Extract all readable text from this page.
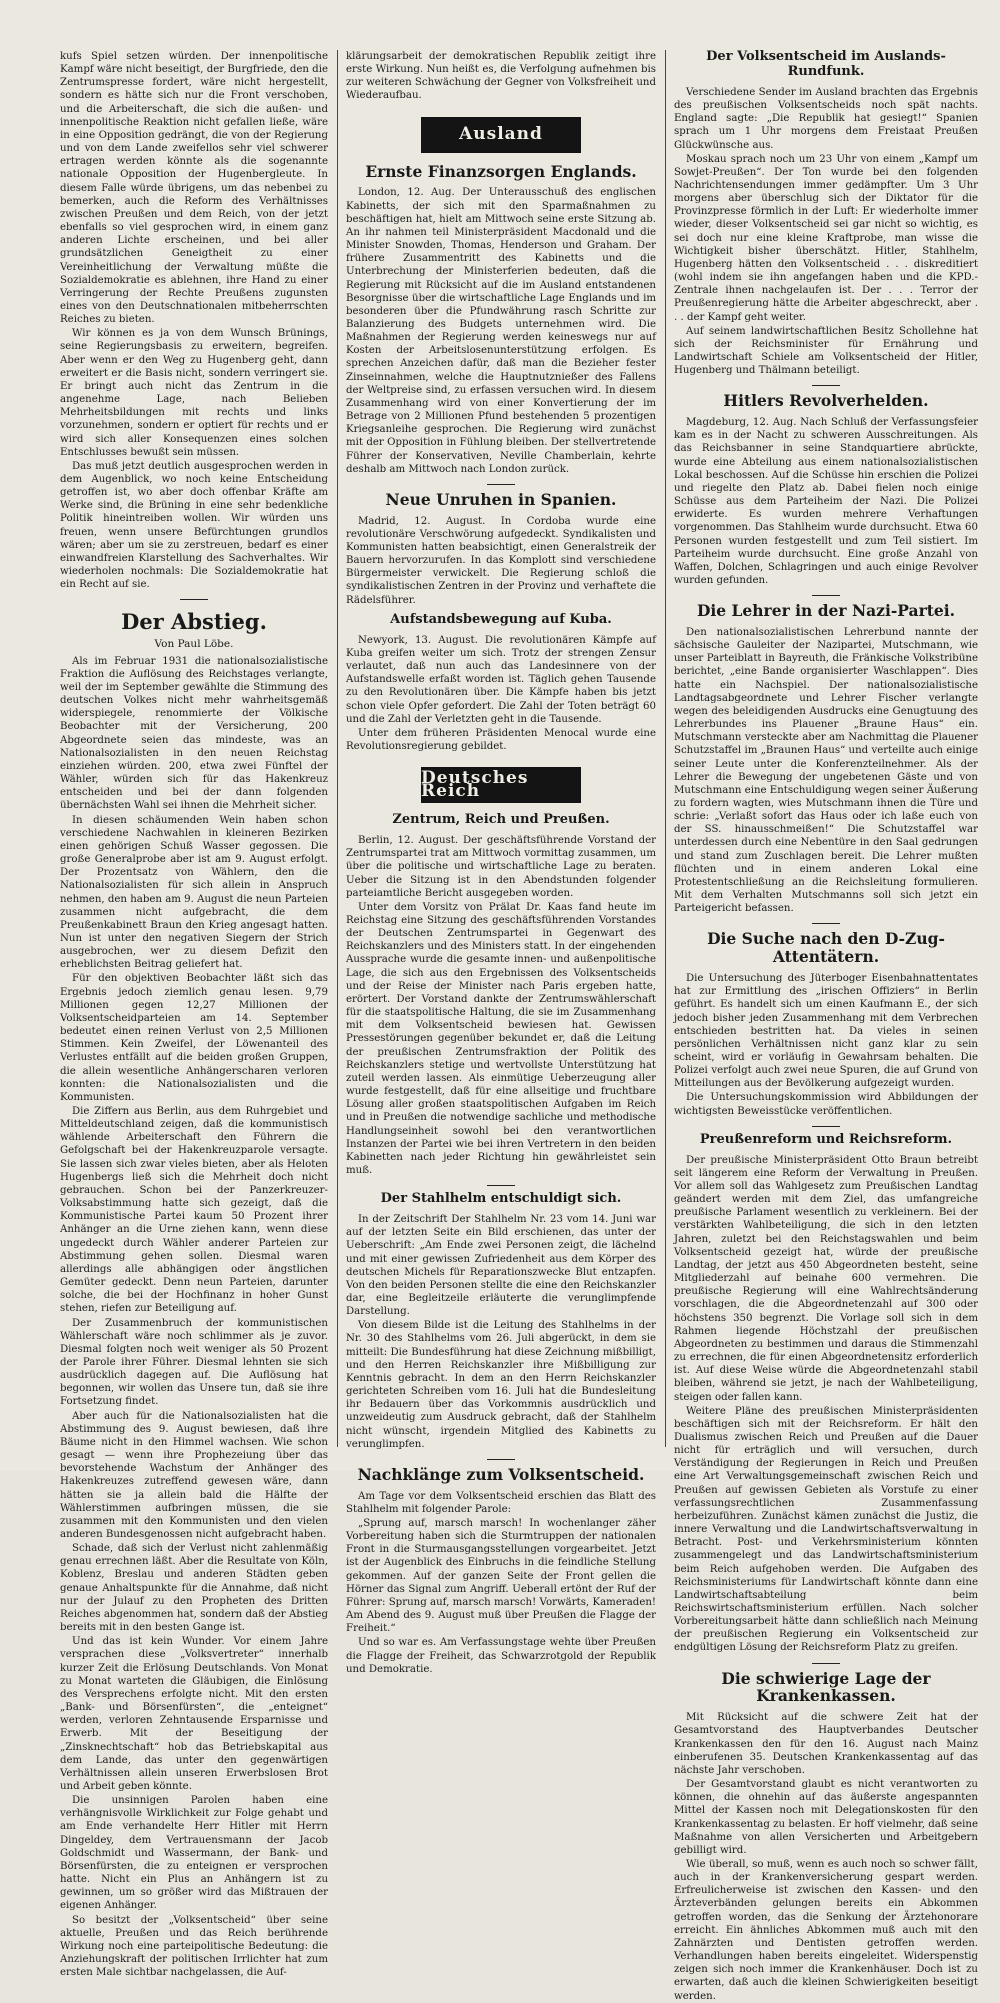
kufs Spiel setzen würden. Der innenpolitische Kampf wäre nicht beseitigt, der Burgfriede, den die Zentrumspresse fordert, wäre nicht hergestellt, sondern es hätte sich nur die Front verschoben, und die Arbeiterschaft, die sich die außen- und innenpolitische Reaktion nicht gefallen ließe, wäre in eine Opposition gedrängt, die von der Regierung und von dem Lande zweifellos sehr viel schwerer ertragen werden könnte als die sogenannte nationale Opposition der Hugenbergleute. In diesem Falle würde übrigens, um das nebenbei zu bemerken, auch die Reform des Verhältnisses zwischen Preußen und dem Reich, von der jetzt ebenfalls so viel gesprochen wird, in einem ganz anderen Lichte erscheinen, und bei aller grundsätzlichen Geneigtheit zu einer Vereinheitlichung der Verwaltung müßte die Sozialdemokratie es ablehnen, ihre Hand zu einer Verringerung der Rechte Preußens zugunsten eines von den Deutschnationalen mitbeherrschten Reiches zu bieten.

Wir können es ja von dem Wunsch Brünings, seine Regierungsbasis zu erweitern, begreifen. Aber wenn er den Weg zu Hugenberg geht, dann erweitert er die Basis nicht, sondern verringert sie. Er bringt auch nicht das Zentrum in die angenehme Lage, nach Belieben Mehrheitsbildungen mit rechts und links vorzunehmen, sondern er optiert für rechts und er wird sich aller Konsequenzen eines solchen Entschlusses bewußt sein müssen.

Das muß jetzt deutlich ausgesprochen werden in dem Augenblick, wo noch keine Entscheidung getroffen ist, wo aber doch offenbar Kräfte am Werke sind, die Brüning in eine sehr bedenkliche Politik hineintreiben wollen. Wir würden uns freuen, wenn unsere Befürchtungen grundlos wären; aber um sie zu zerstreuen, bedarf es einer einwandfreien Klarstellung des Sachverhaltes. Wir wiederholen nochmals: Die Sozialdemokratie hat ein Recht auf sie.

Der Abstieg.
Von Paul Löbe.

Als im Februar 1931 die nationalsozialistische Fraktion die Auflösung des Reichstages verlangte, weil der im September gewählte die Stimmung des deutschen Volkes nicht mehr wahrheitsgemäß widerspiegele, renommierte der Völkische Beobachter mit der Versicherung, 200 Abgeordnete seien das mindeste, was an Nationalsozialisten in den neuen Reichstag einziehen würden. 200, etwa zwei Fünftel der Wähler, würden sich für das Hakenkreuz entscheiden und bei der dann folgenden übernächsten Wahl sei ihnen die Mehrheit sicher.

In diesen schäumenden Wein haben schon verschiedene Nachwahlen in kleineren Bezirken einen gehörigen Schuß Wasser gegossen. Die große Generalprobe aber ist am 9. August erfolgt. Der Prozentsatz von Wählern, den die Nationalsozialisten für sich allein in Anspruch nehmen, den haben am 9. August die neun Parteien zusammen nicht aufgebracht, die dem Preußenkabinett Braun den Krieg angesagt hatten. Nun ist unter den negativen Siegern der Strich ausgebrochen, wer zu diesem Defizit den erheblichsten Beitrag geliefert hat.

Für den objektiven Beobachter läßt sich das Ergebnis jedoch ziemlich genau lesen. 9,79 Millionen gegen 12,27 Millionen der Volksentscheidparteien am 14. September bedeutet einen reinen Verlust von 2,5 Millionen Stimmen. Kein Zweifel, der Löwenanteil des Verlustes entfällt auf die beiden großen Gruppen, die allein wesentliche Anhängerscharen verloren konnten: die Nationalsozialisten und die Kommunisten.

Die Ziffern aus Berlin, aus dem Ruhrgebiet und Mitteldeutschland zeigen, daß die kommunistisch wählende Arbeiterschaft den Führern die Gefolgschaft bei der Hakenkreuzparole versagte. Sie lassen sich zwar vieles bieten, aber als Heloten Hugenbergs ließ sich die Mehrheit doch nicht gebrauchen. Schon bei der Panzerkreuzer-Volksabstimmung hatte sich gezeigt, daß die Kommunistische Partei kaum 50 Prozent ihrer Anhänger an die Urne ziehen kann, wenn diese ungedeckt durch Wähler anderer Parteien zur Abstimmung gehen sollen. Diesmal waren allerdings alle abhängigen oder ängstlichen Gemüter gedeckt. Denn neun Parteien, darunter solche, die bei der Hochfinanz in hoher Gunst stehen, riefen zur Beteiligung auf.

Der Zusammenbruch der kommunistischen Wählerschaft wäre noch schlimmer als je zuvor. Diesmal folgten noch weit weniger als 50 Prozent der Parole ihrer Führer. Diesmal lehnten sie sich ausdrücklich dagegen auf. Die Auflösung hat begonnen, wir wollen das Unsere tun, daß sie ihre Fortsetzung findet.

Aber auch für die Nationalsozialisten hat die Abstimmung des 9. August bewiesen, daß ihre Bäume nicht in den Himmel wachsen. Wie schon gesagt — wenn ihre Prophezeiung über das bevorstehende Wachstum der Anhänger des Hakenkreuzes zutreffend gewesen wäre, dann hätten sie ja allein bald die Hälfte der Wählerstimmen aufbringen müssen, die sie zusammen mit den Kommunisten und den vielen anderen Bundesgenossen nicht aufgebracht haben.

Schade, daß sich der Verlust nicht zahlenmäßig genau errechnen läßt. Aber die Resultate von Köln, Koblenz, Breslau und anderen Städten geben genaue Anhaltspunkte für die Annahme, daß nicht nur der Julauf zu den Propheten des Dritten Reiches abgenommen hat, sondern daß der Abstieg bereits mit in den besten Gange ist.

Und das ist kein Wunder. Vor einem Jahre versprachen diese „Volksvertreter“ innerhalb kurzer Zeit die Erlösung Deutschlands. Von Monat zu Monat warteten die Gläubigen, die Einlösung des Versprechens erfolgte nicht. Mit den ersten „Bank- und Börsenfürsten“, die „enteignet“ werden, verloren Zehntausende Ersparnisse und Erwerb. Mit der Beseitigung der „Zinsknechtschaft“ hob das Betriebskapital aus dem Lande, das unter den gegenwärtigen Verhältnissen allein unseren Erwerbslosen Brot und Arbeit geben könnte.

Die unsinnigen Parolen haben eine verhängnisvolle Wirklichkeit zur Folge gehabt und am Ende verhandelte Herr Hitler mit Herrn Dingeldey, dem Vertrauensmann der Jacob Goldschmidt und Wassermann, der Bank- und Börsenfürsten, die zu enteignen er versprochen hatte. Nicht ein Plus an Anhängern ist zu gewinnen, um so größer wird das Mißtrauen der eigenen Anhänger.

So besitzt der „Volksentscheid“ über seine aktuelle, Preußen und das Reich berührende Wirkung noch eine parteipolitische Bedeutung: die Anziehungskraft der politischen Irrlichter hat zum ersten Male sichtbar nachgelassen, die Auf-

klärungsarbeit der demokratischen Republik zeitigt ihre erste Wirkung. Nun heißt es, die Verfolgung aufnehmen bis zur weiteren Schwächung der Gegner von Volksfreiheit und Wiederaufbau.

Ausland
Ernste Finanzsorgen Englands.

London, 12. Aug. Der Unterausschuß des englischen Kabinetts, der sich mit den Sparmaßnahmen zu beschäftigen hat, hielt am Mittwoch seine erste Sitzung ab. An ihr nahmen teil Ministerpräsident Macdonald und die Minister Snowden, Thomas, Henderson und Graham. Der frühere Zusammentritt des Kabinetts und die Unterbrechung der Ministerferien bedeuten, daß die Regierung mit Rücksicht auf die im Ausland entstandenen Besorgnisse über die wirtschaftliche Lage Englands und im besonderen über die Pfundwährung rasch Schritte zur Balanzierung des Budgets unternehmen wird. Die Maßnahmen der Regierung werden keineswegs nur auf Kosten der Arbeitslosenunterstützung erfolgen. Es sprechen Anzeichen dafür, daß man die Bezieher fester Zinseinnahmen, welche die Hauptnutznießer des Fallens der Weltpreise sind, zu erfassen versuchen wird. In diesem Zusammenhang wird von einer Konvertierung der im Betrage von 2 Millionen Pfund bestehenden 5 prozentigen Kriegsanleihe gesprochen. Die Regierung wird zunächst mit der Opposition in Fühlung bleiben. Der stellvertretende Führer der Konservativen, Neville Chamberlain, kehrte deshalb am Mittwoch nach London zurück.

Neue Unruhen in Spanien.

Madrid, 12. August. In Cordoba wurde eine revolutionäre Verschwörung aufgedeckt. Syndikalisten und Kommunisten hatten beabsichtigt, einen Generalstreik der Bauern hervorzurufen. In das Komplott sind verschiedene Bürgermeister verwickelt. Die Regierung schloß die syndikalistischen Zentren in der Provinz und verhaftete die Rädelsführer.

Aufstandsbewegung auf Kuba.

Newyork, 13. August. Die revolutionären Kämpfe auf Kuba greifen weiter um sich. Trotz der strengen Zensur verlautet, daß nun auch das Landesinnere von der Aufstandswelle erfaßt worden ist. Täglich gehen Tausende zu den Revolutionären über. Die Kämpfe haben bis jetzt schon viele Opfer gefordert. Die Zahl der Toten beträgt 60 und die Zahl der Verletzten geht in die Tausende.

Unter dem früheren Präsidenten Menocal wurde eine Revolutionsregierung gebildet.

Deutsches Reich
Zentrum, Reich und Preußen.

Berlin, 12. August. Der geschäftsführende Vorstand der Zentrumspartei trat am Mittwoch vormittag zusammen, um über die politische und wirtschaftliche Lage zu beraten. Ueber die Sitzung ist in den Abendstunden folgender parteiamtliche Bericht ausgegeben worden.

Unter dem Vorsitz von Prälat Dr. Kaas fand heute im Reichstag eine Sitzung des geschäftsführenden Vorstandes der Deutschen Zentrumspartei in Gegenwart des Reichskanzlers und des Ministers statt. In der eingehenden Aussprache wurde die gesamte innen- und außenpolitische Lage, die sich aus den Ergebnissen des Volksentscheids und der Reise der Minister nach Paris ergeben hatte, erörtert. Der Vorstand dankte der Zentrumswählerschaft für die staatspolitische Haltung, die sie im Zusammenhang mit dem Volksentscheid bewiesen hat. Gewissen Pressestörungen gegenüber bekundet er, daß die Leitung der preußischen Zentrumsfraktion der Politik des Reichskanzlers stetige und wertvollste Unterstützung hat zuteil werden lassen. Als einmütige Ueberzeugung aller wurde festgestellt, daß für eine allseitige und fruchtbare Lösung aller großen staatspolitischen Aufgaben im Reich und in Preußen die notwendige sachliche und methodische Handlungseinheit sowohl bei den verantwortlichen Instanzen der Partei wie bei ihren Vertretern in den beiden Kabinetten nach jeder Richtung hin gewährleistet sein muß.

Der Stahlhelm entschuldigt sich.

In der Zeitschrift Der Stahlhelm Nr. 23 vom 14. Juni war auf der letzten Seite ein Bild erschienen, das unter der Ueberschrift: „Am Ende zwei Personen zeigt, die lächelnd und mit einer gewissen Zufriedenheit aus dem Körper des deutschen Michels für Reparationszwecke Blut entzapfen. Von den beiden Personen stellte die eine den Reichskanzler dar, eine Begleitzeile erläuterte die verunglimpfende Darstellung.

Von diesem Bilde ist die Leitung des Stahlhelms in der Nr. 30 des Stahlhelms vom 26. Juli abgerückt, in dem sie mitteilt: Die Bundesführung hat diese Zeichnung mißbilligt, und den Herren Reichskanzler ihre Mißbilligung zur Kenntnis gebracht. In dem an den Herrn Reichskanzler gerichteten Schreiben vom 16. Juli hat die Bundesleitung ihr Bedauern über das Vorkommnis ausdrücklich und unzweideutig zum Ausdruck gebracht, daß der Stahlhelm nicht wünscht, irgendein Mitglied des Kabinetts zu verunglimpfen.

Nachklänge zum Volksentscheid.

Am Tage vor dem Volksentscheid erschien das Blatt des Stahlhelm mit folgender Parole:

„Sprung auf, marsch marsch! In wochenlanger zäher Vorbereitung haben sich die Sturmtruppen der nationalen Front in die Sturmausgangsstellungen vorgearbeitet. Jetzt ist der Augenblick des Einbruchs in die feindliche Stellung gekommen. Auf der ganzen Seite der Front gellen die Hörner das Signal zum Angriff. Ueberall ertönt der Ruf der Führer: Sprung auf, marsch marsch! Vorwärts, Kameraden! Am Abend des 9. August muß über Preußen die Flagge der Freiheit.“

Und so war es. Am Verfassungstage wehte über Preußen die Flagge der Freiheit, das Schwarzrotgold der Republik und Demokratie.

Der Volksentscheid im Auslands-Rundfunk.

Verschiedene Sender im Ausland brachten das Ergebnis des preußischen Volksentscheids noch spät nachts. England sagte: „Die Republik hat gesiegt!“ Spanien sprach um 1 Uhr morgens dem Freistaat Preußen Glückwünsche aus.

Moskau sprach noch um 23 Uhr von einem „Kampf um Sowjet-Preußen“. Der Ton wurde bei den folgenden Nachrichtensendungen immer gedämpfter. Um 3 Uhr morgens aber überschlug sich der Diktator für die Provinzpresse förmlich in der Luft: Er wiederholte immer wieder, dieser Volksentscheid sei gar nicht so wichtig, es sei doch nur eine kleine Kraftprobe, man wisse die Wichtigkeit bisher überschätzt. Hitler, Stahlhelm, Hugenberg hätten den Volksentscheid . . . diskreditiert (wohl indem sie ihn angefangen haben und die KPD.-Zentrale ihnen nachgelaufen ist. Der . . . Terror der Preußenregierung hätte die Arbeiter abgeschreckt, aber . . . der Kampf geht weiter.

Auf seinem landwirtschaftlichen Besitz Schollehne hat sich der Reichsminister für Ernährung und Landwirtschaft Schiele am Volksentscheid der Hitler, Hugenberg und Thälmann beteiligt.

Hitlers Revolverhelden.

Magdeburg, 12. Aug. Nach Schluß der Verfassungsfeier kam es in der Nacht zu schweren Ausschreitungen. Als das Reichsbanner in seine Standquartiere abrückte, wurde eine Abteilung aus einem nationalsozialistischen Lokal beschossen. Auf die Schüsse hin erschien die Polizei und riegelte den Platz ab. Dabei fielen noch einige Schüsse aus dem Parteiheim der Nazi. Die Polizei erwiderte. Es wurden mehrere Verhaftungen vorgenommen. Das Stahlheim wurde durchsucht. Etwa 60 Personen wurden festgestellt und zum Teil sistiert. Im Parteiheim wurde durchsucht. Eine große Anzahl von Waffen, Dolchen, Schlagringen und auch einige Revolver wurden gefunden.

Die Lehrer in der Nazi-Partei.

Den nationalsozialistischen Lehrerbund nannte der sächsische Gauleiter der Nazipartei, Mutschmann, wie unser Parteiblatt in Bayreuth, die Fränkische Volkstribüne berichtet, „eine Bande organisierter Waschlappen“. Dies hatte ein Nachspiel. Der nationalsozialistische Landtagsabgeordnete und Lehrer Fischer verlangte wegen des beleidigenden Ausdrucks eine Genugtuung des Lehrerbundes ins Plauener „Braune Haus“ ein. Mutschmann versteckte aber am Nachmittag die Plauener Schutzstaffel im „Braunen Haus“ und verteilte auch einige seiner Leute unter die Konferenzteilnehmer. Als der Lehrer die Bewegung der ungebetenen Gäste und von Mutschmann eine Entschuldigung wegen seiner Äußerung zu fordern wagten, wies Mutschmann ihnen die Türe und schrie: „Verlaßt sofort das Haus oder ich laße euch von der SS. hinausschmeißen!“ Die Schutzstaffel war unterdessen durch eine Nebentüre in den Saal gedrungen und stand zum Zuschlagen bereit. Die Lehrer mußten flüchten und in einem anderen Lokal eine Protestentschließung an die Reichsleitung formulieren. Mit dem Verhalten Mutschmanns soll sich jetzt ein Parteigericht befassen.

Die Suche nach den D-Zug-Attentätern.

Die Untersuchung des Jüterboger Eisenbahnattentates hat zur Ermittlung des „irischen Offiziers“ in Berlin geführt. Es handelt sich um einen Kaufmann E., der sich jedoch bisher jeden Zusammenhang mit dem Verbrechen entschieden bestritten hat. Da vieles in seinen persönlichen Verhältnissen nicht ganz klar zu sein scheint, wird er vorläufig in Gewahrsam behalten. Die Polizei verfolgt auch zwei neue Spuren, die auf Grund von Mitteilungen aus der Bevölkerung aufgezeigt wurden.

Die Untersuchungskommission wird Abbildungen der wichtigsten Beweisstücke veröffentlichen.

Preußenreform und Reichsreform.

Der preußische Ministerpräsident Otto Braun betreibt seit längerem eine Reform der Verwaltung in Preußen. Vor allem soll das Wahlgesetz zum Preußischen Landtag geändert werden mit dem Ziel, das umfangreiche preußische Parlament wesentlich zu verkleinern. Bei der verstärkten Wahlbeteiligung, die sich in den letzten Jahren, zuletzt bei den Reichstagswahlen und beim Volksentscheid gezeigt hat, würde der preußische Landtag, der jetzt aus 450 Abgeordneten besteht, seine Mitgliederzahl auf beinahe 600 vermehren. Die preußische Regierung will eine Wahlrechtsänderung vorschlagen, die die Abgeordnetenzahl auf 300 oder höchstens 350 begrenzt. Die Vorlage soll sich in dem Rahmen liegende Höchstzahl der preußischen Abgeordneten zu bestimmen und daraus die Stimmenzahl zu errechnen, die für einen Abgeordnetensitz erforderlich ist. Auf diese Weise würde die Abgeordnetenzahl stabil bleiben, während sie jetzt, je nach der Wahlbeteiligung, steigen oder fallen kann.

Weitere Pläne des preußischen Ministerpräsidenten beschäftigen sich mit der Reichsreform. Er hält den Dualismus zwischen Reich und Preußen auf die Dauer nicht für erträglich und will versuchen, durch Verständigung der Regierungen in Reich und Preußen eine Art Verwaltungsgemeinschaft zwischen Reich und Preußen auf gewissen Gebieten als Vorstufe zu einer verfassungsrechtlichen Zusammenfassung herbeizuführen. Zunächst kämen zunächst die Justiz, die innere Verwaltung und die Landwirtschaftsverwaltung in Betracht. Post- und Verkehrsministerium könnten zusammengelegt und das Landwirtschaftsministerium beim Reich aufgehoben werden. Die Aufgaben des Reichsministeriums für Landwirtschaft könnte dann eine Landwirtschaftsabteilung beim Reichswirtschaftsministerium erfüllen. Nach solcher Vorbereitungsarbeit hätte dann schließlich nach Meinung der preußischen Regierung ein Volksentscheid zur endgültigen Lösung der Reichsreform Platz zu greifen.

Die schwierige Lage der Krankenkassen.

Mit Rücksicht auf die schwere Zeit hat der Gesamtvorstand des Hauptverbandes Deutscher Krankenkassen den für den 16. August nach Mainz einberufenen 35. Deutschen Krankenkassentag auf das nächste Jahr verschoben.

Der Gesamtvorstand glaubt es nicht verantworten zu können, die ohnehin auf das äußerste angespannten Mittel der Kassen noch mit Delegationskosten für den Krankenkassentag zu belasten. Er hoff vielmehr, daß seine Maßnahme von allen Versicherten und Arbeitgebern gebilligt wird.

Wie überall, so muß, wenn es auch noch so schwer fällt, auch in der Krankenversicherung gespart werden. Erfreulicherweise ist zwischen den Kassen- und den Ärzteverbänden gelungen bereits ein Abkommen getroffen worden, das die Senkung der Ärztehonorare erreicht. Ein ähnliches Abkommen muß auch mit den Zahnärzten und Dentisten getroffen werden. Verhandlungen haben bereits eingeleitet. Widerspenstig zeigen sich noch immer die Krankenhäuser. Doch ist zu erwarten, daß auch die kleinen Schwierigkeiten beseitigt werden.
